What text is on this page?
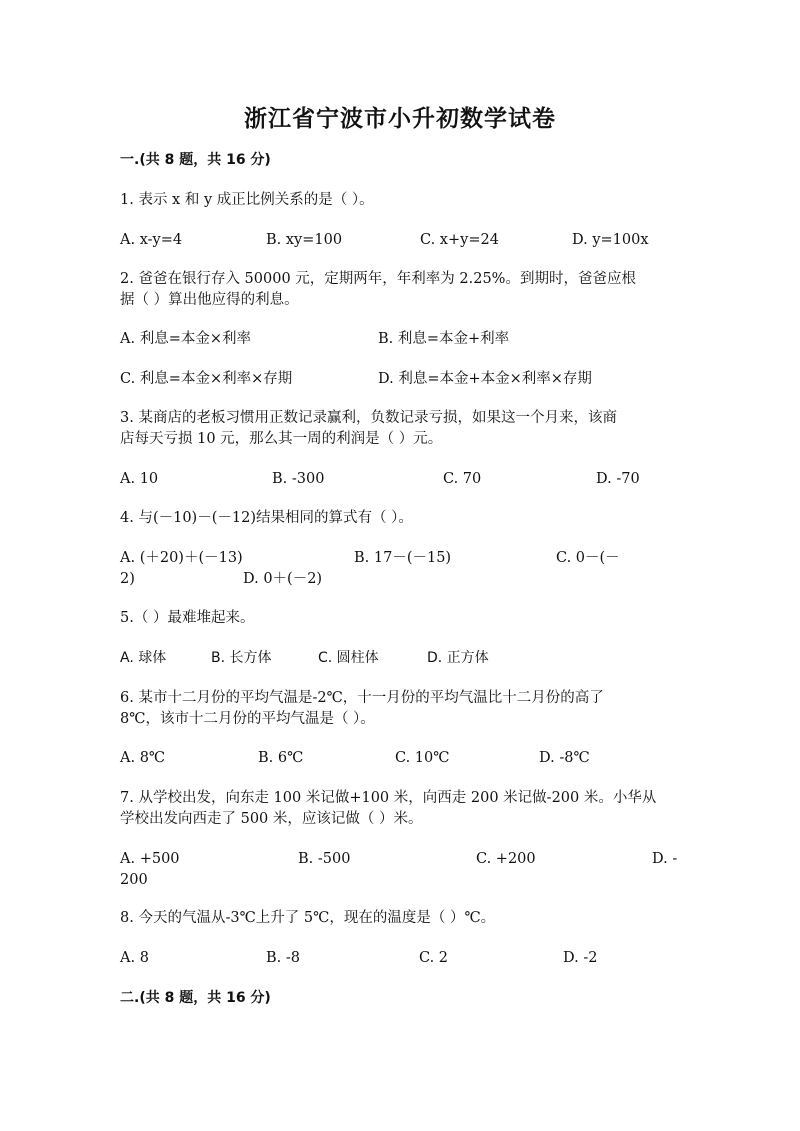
浙江省宁波市小升初数学试卷
一.(共 8 题，共 16 分)
1. 表示 x 和 y 成正比例关系的是（ ）。
A. x-y=4	B. xy=100	C. x+y=24	D. y=100x
2. 爸爸在银行存入 50000 元，定期两年，年利率为 2.25%。到期时，爸爸应根
据（ ）算出他应得的利息。
A. 利息=本金×利率	B. 利息=本金+利率
C. 利息=本金×利率×存期	D. 利息=本金+本金×利率×存期
3. 某商店的老板习惯用正数记录赢利，负数记录亏损，如果这一个月来，该商
店每天亏损 10 元，那么其一周的利润是（ ）元。
A. 10	B. -300	C. 70	D. -70
4. 与(－10)－(－12)结果相同的算式有（ ）。
A. (＋20)＋(－13)	B. 17－(－15)	C. 0－(－
2)	D. 0＋(－2)
5.（ ）最难堆起来。
A. 球体	B. 长方体	C. 圆柱体	D. 正方体
6. 某市十二月份的平均气温是-2℃，十一月份的平均气温比十二月份的高了
8℃，该市十二月份的平均气温是（ ）。
A. 8℃	B. 6℃	C. 10℃	D. -8℃
7. 从学校出发，向东走 100 米记做+100 米，向西走 200 米记做-200 米。小华从
学校出发向西走了 500 米，应该记做（ ）米。
A. +500	B. -500	C. +200	D. -
200
8. 今天的气温从-3℃上升了 5℃，现在的温度是（ ）℃。
A. 8	B. -8	C. 2	D. -2
二.(共 8 题，共 16 分)
